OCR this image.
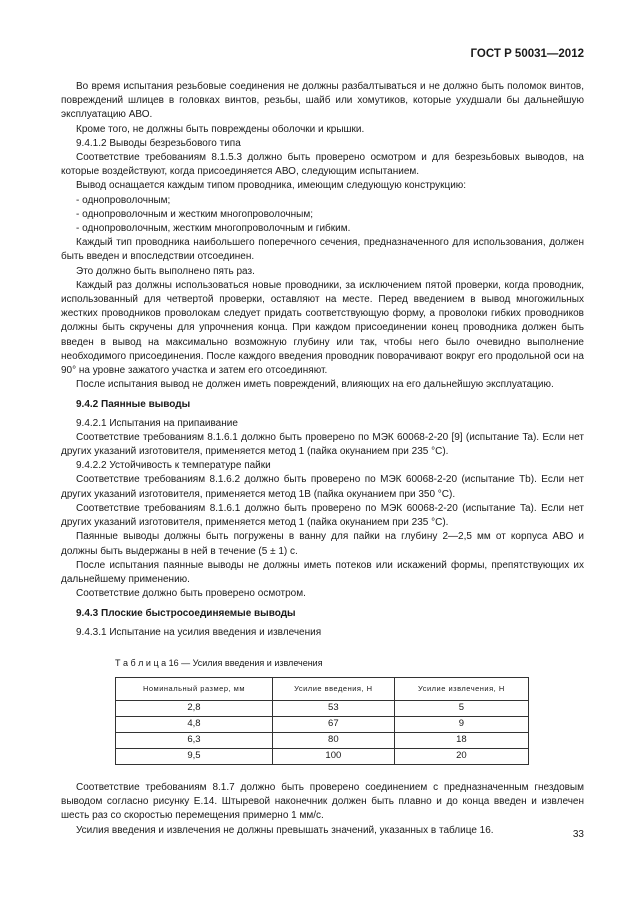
ГОСТ Р 50031—2012

Во время испытания резьбовые соединения не должны разбалтываться и не должно быть поломок винтов, повреждений шлицев в головках винтов, резьбы, шайб или хомутиков, которые ухудшали бы дальнейшую эксплуатацию АВО.

Кроме того, не должны быть повреждены оболочки и крышки.

9.4.1.2 Выводы безрезьбового типа

Соответствие требованиям 8.1.5.3 должно быть проверено осмотром и для безрезьбовых выводов, на которые воздействуют, когда присоединяется АВО, следующим испытанием.

Вывод оснащается каждым типом проводника, имеющим следующую конструкцию:

- однопроволочным;

- однопроволочным и жестким многопроволочным;

- однопроволочным, жестким многопроволочным и гибким.

Каждый тип проводника наибольшего поперечного сечения, предназначенного для использования, должен быть введен и впоследствии отсоединен.

Это должно быть выполнено пять раз.

Каждый раз должны использоваться новые проводники, за исключением пятой проверки, когда проводник, использованный для четвертой проверки, оставляют на месте. Перед введением в вывод многожильных жестких проводников проволокам следует придать соответствующую форму, а проволоки гибких проводников должны быть скручены для упрочнения конца. При каждом присоединении конец проводника должен быть введен в вывод на максимально возможную глубину или так, чтобы него было очевидно выполнение необходимого присоединения. После каждого введения проводник поворачивают вокруг его продольной оси на 90° на уровне зажатого участка и затем его отсоединяют.

После испытания вывод не должен иметь повреждений, влияющих на его дальнейшую эксплуатацию.

9.4.2 Паянные выводы

9.4.2.1 Испытания на припаивание

Соответствие требованиям 8.1.6.1 должно быть проверено по МЭК 60068-2-20 [9] (испытание Ta). Если нет других указаний изготовителя, применяется метод 1 (пайка окунанием при 235 °C).

9.4.2.2 Устойчивость к температуре пайки

Соответствие требованиям 8.1.6.2 должно быть проверено по МЭК 60068-2-20 (испытание Tb). Если нет других указаний изготовителя, применяется метод 1B (пайка окунанием при 350 °C).

Соответствие требованиям 8.1.6.1 должно быть проверено по МЭК 60068-2-20 (испытание Ta). Если нет других указаний изготовителя, применяется метод 1 (пайка окунанием при 235 °C).

Паянные выводы должны быть погружены в ванну для пайки на глубину 2—2,5 мм от корпуса АВО и должны быть выдержаны в ней в течение (5 ± 1) с.

После испытания паянные выводы не должны иметь потеков или искажений формы, препятствующих их дальнейшему применению.

Соответствие должно быть проверено осмотром.

9.4.3 Плоские быстросоединяемые выводы

9.4.3.1 Испытание на усилия введения и извлечения

Т а б л и ц а 16 — Усилия введения и извлечения

Номинальный размер, мм	Усилие введения, Н	Усилие извлечения, Н
2,8	53	5
4,8	67	9
6,3	80	18
9,5	100	20

Соответствие требованиям 8.1.7 должно быть проверено соединением с предназначенным гнездовым выводом согласно рисунку E.14. Штыревой наконечник должен быть плавно и до конца введен и извлечен шесть раз со скоростью перемещения примерно 1 мм/с.

Усилия введения и извлечения не должны превышать значений, указанных в таблице 16.	33
